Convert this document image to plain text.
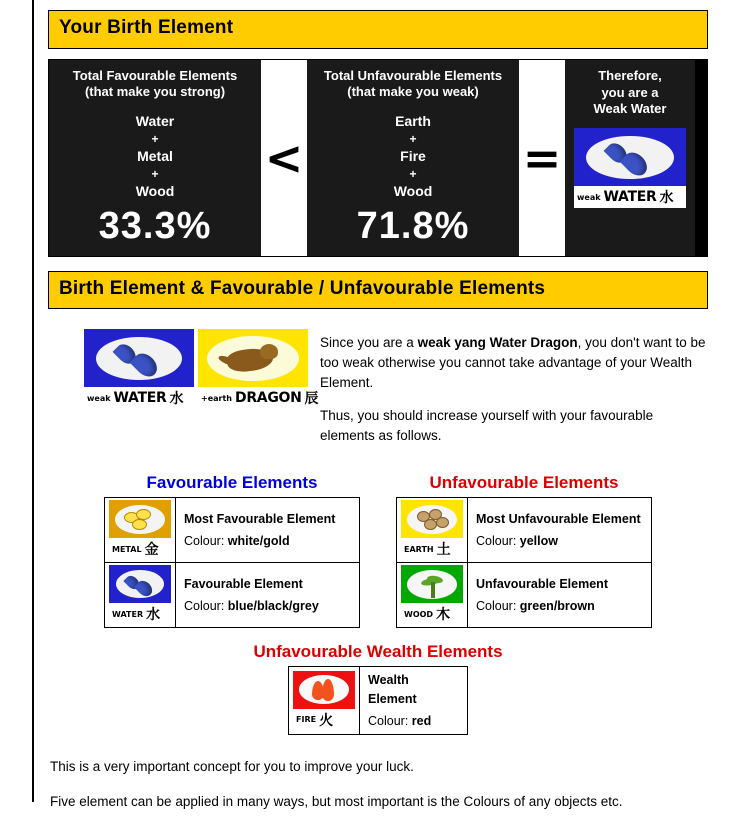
Your Birth Element
Total Favourable Elements
(that make you strong)
Water
+
Metal
+
Wood
33.3%
<
Total Unfavourable Elements
(that make you weak)
Earth
+
Fire
+
Wood
71.8%
=
Therefore,
you are a
Weak Water
weak WATER 水
Birth Element & Favourable / Unfavourable Elements
weak WATER 水 +earth DRAGON 辰

Since you are a weak yang Water Dragon, you don't want to be too weak otherwise you cannot take advantage of your Wealth Element.

Thus, you should increase yourself with your favourable elements as follows.

Favourable Elements
METAL 金

Most Favourable Element
Colour: white/gold

WATER 水

Favourable Element
Colour: blue/black/grey
Unfavourable Elements
EARTH 土

Most Unfavourable Element
Colour: yellow

WOOD 木

Unfavourable Element
Colour: green/brown
Unfavourable Wealth Elements
FIRE 火

Wealth Element
Colour: red

This is a very important concept for you to improve your luck.

Five element can be applied in many ways, but most important is the Colours of any objects etc.
